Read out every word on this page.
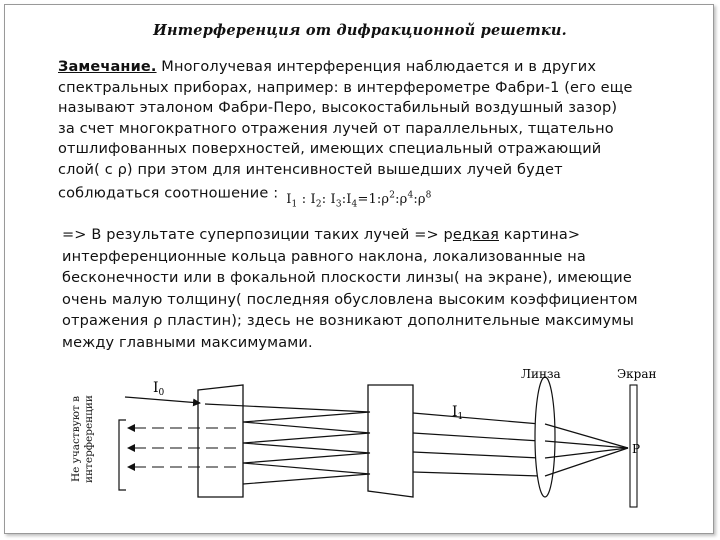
Интерференция от дифракционной решетки.
Замечание. Многолучевая интерференция наблюдается и в других
спектральных приборах, например: в интерферометре Фабри-1 (его еще
называют эталоном Фабри-Перо, высокостабильный воздушный зазор)
за счет многократного отражения лучей от параллельных, тщательно
отшлифованных поверхностей, имеющих специальный отражающий
слой( с ρ) при этом для интенсивностей вышедших лучей будет
соблюдаться соотношение : $I_1$ : $I_2$: $I_3:I_4=1:\rho^2:\rho^4:\rho^8$
=> В результате суперпозиции таких лучей => редкая картина>
интерференционные кольца равного наклона, локализованные на
бесконечности или в фокальной плоскости линзы( на экране), имеющие
очень малую толщину( последняя обусловлена высоким коэффициентом
отражения ρ пластин); здесь не возникают дополнительные максимумы
между главными максимумами.
Не участвуют в интерференции
$I_0$
$I_1$
Линза	Экран
P
